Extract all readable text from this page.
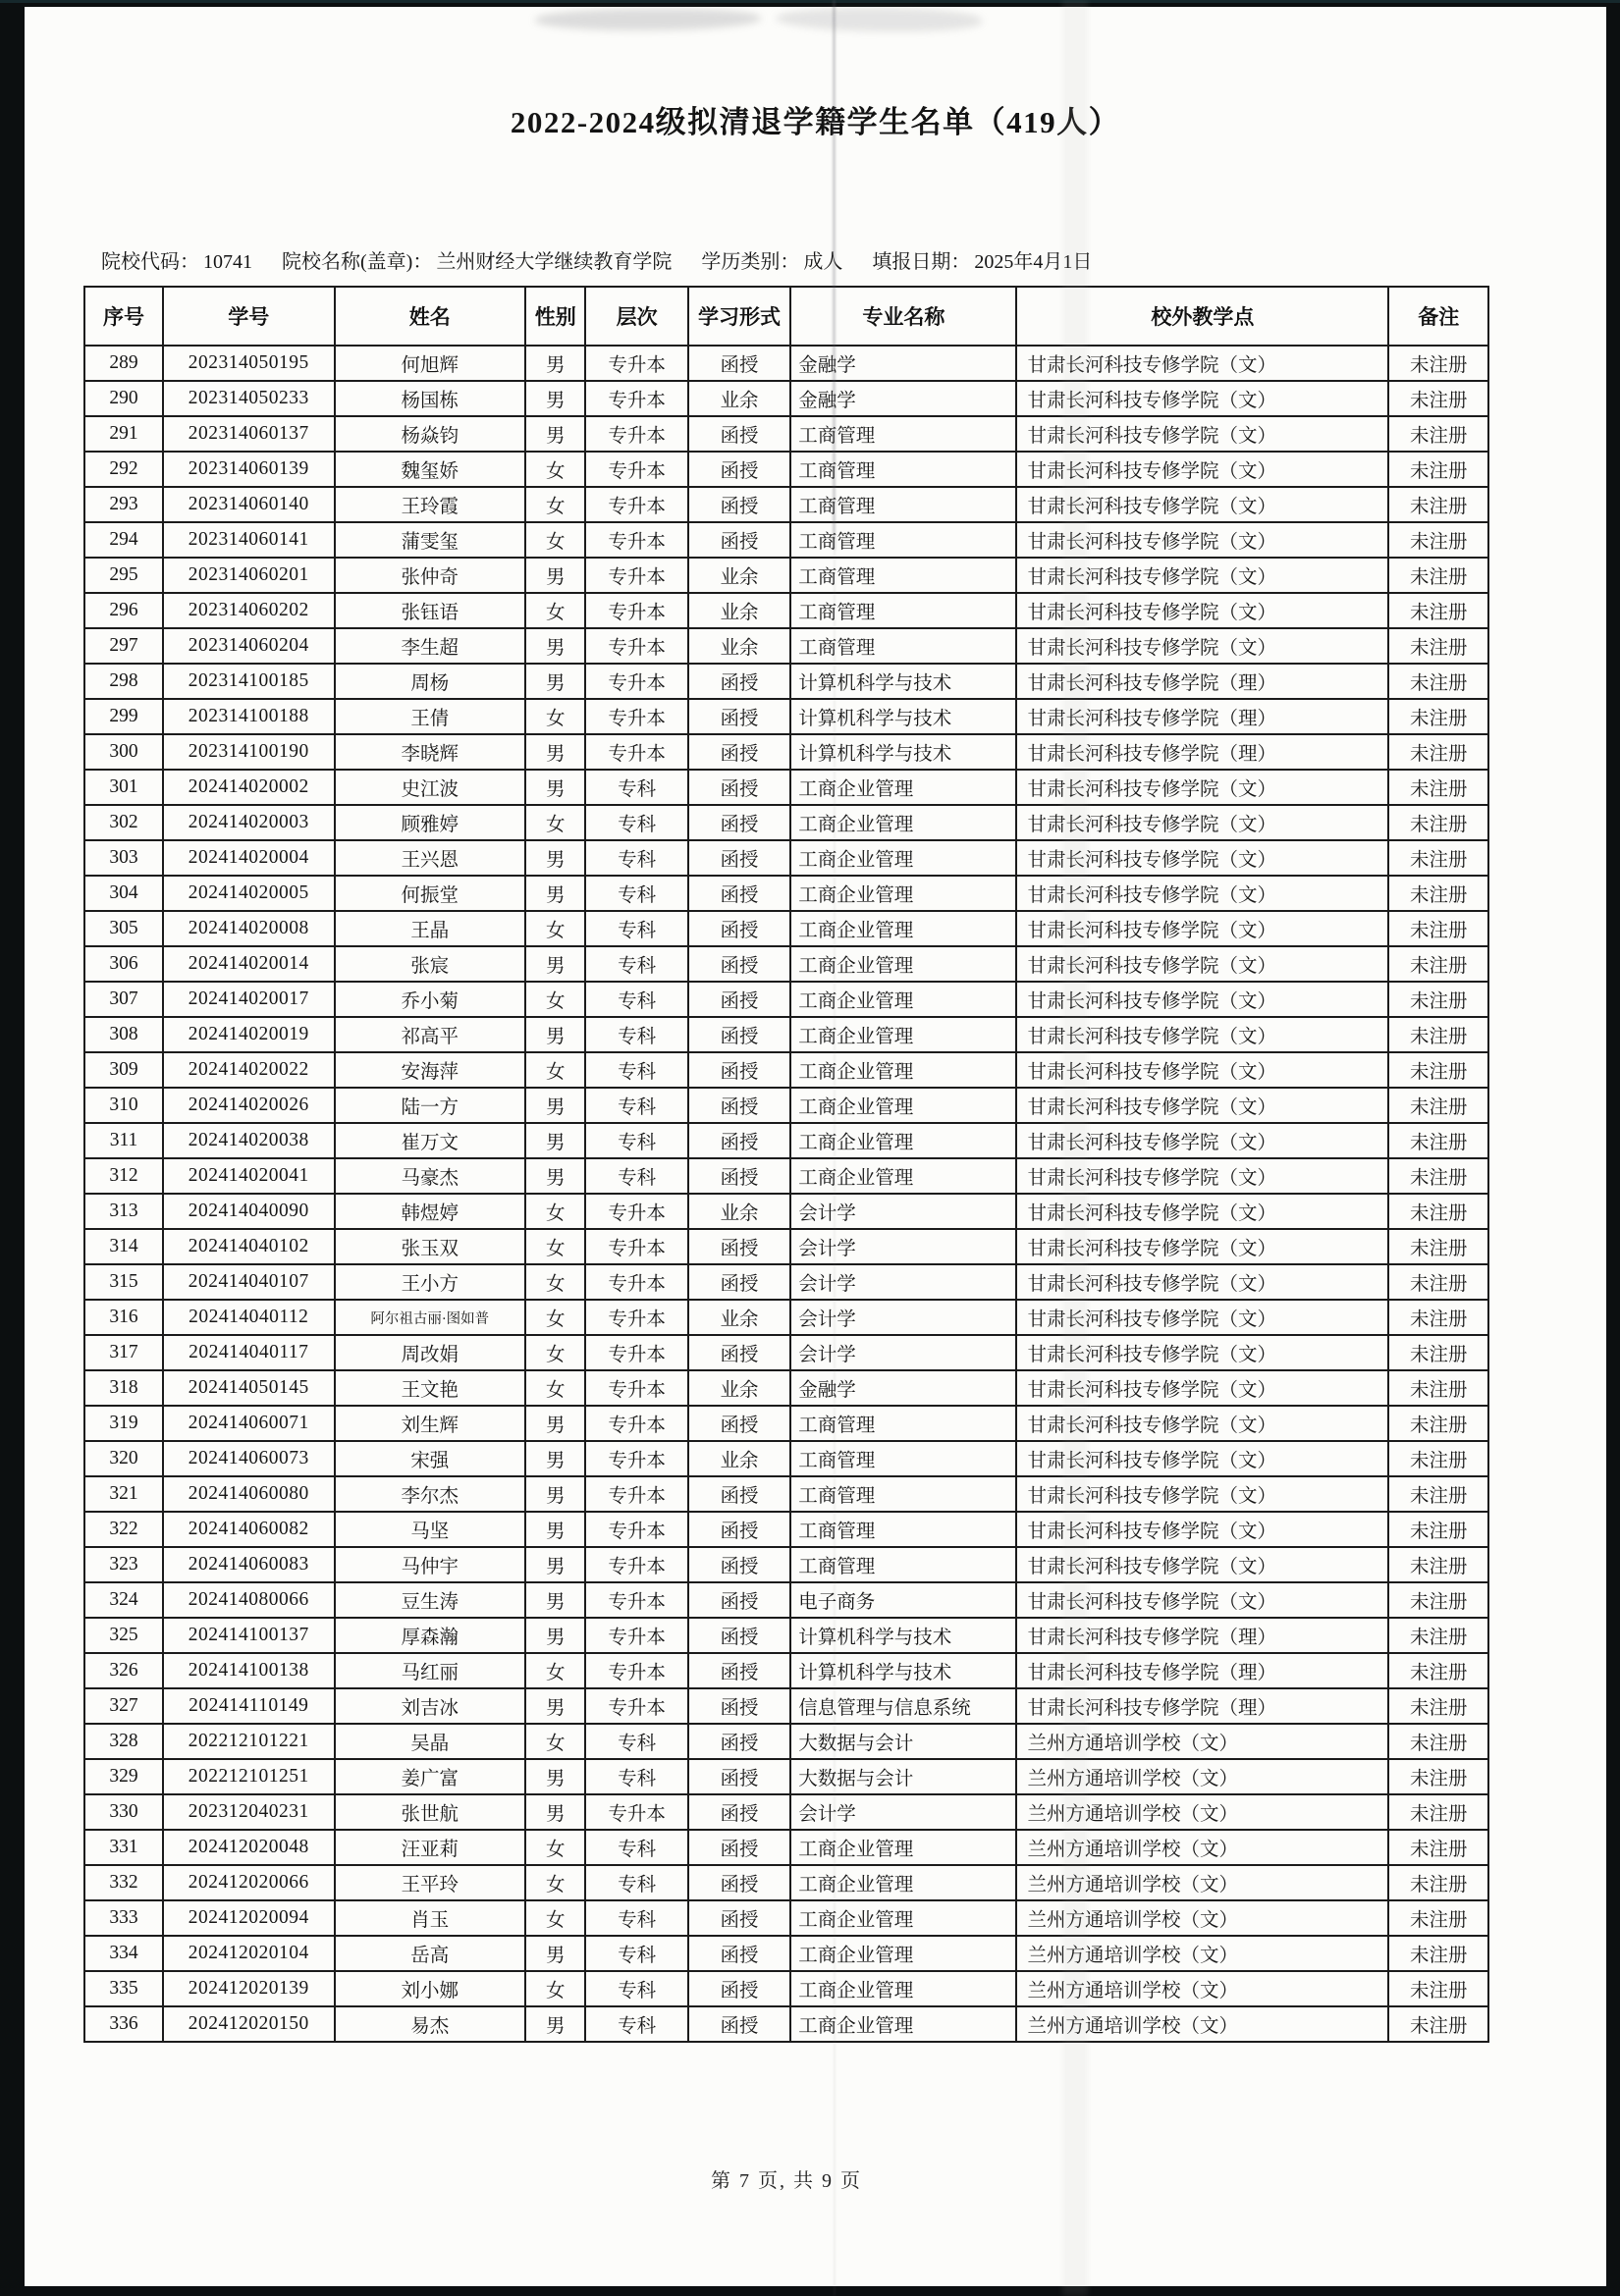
2022-2024级拟清退学籍学生名单（419人）
院校代码： 10741 院校名称(盖章)： 兰州财经大学继续教育学院 学历类别： 成人 填报日期： 2025年4月1日
序号	学号	姓名	性别	层次	学习形式	专业名称	校外教学点	备注
289	202314050195	何旭辉	男	专升本	函授	金融学	甘肃长河科技专修学院（文）	未注册
290	202314050233	杨国栋	男	专升本	业余	金融学	甘肃长河科技专修学院（文）	未注册
291	202314060137	杨焱钧	男	专升本	函授	工商管理	甘肃长河科技专修学院（文）	未注册
292	202314060139	魏玺娇	女	专升本	函授	工商管理	甘肃长河科技专修学院（文）	未注册
293	202314060140	王玲霞	女	专升本	函授	工商管理	甘肃长河科技专修学院（文）	未注册
294	202314060141	蒲雯玺	女	专升本	函授	工商管理	甘肃长河科技专修学院（文）	未注册
295	202314060201	张仲奇	男	专升本	业余	工商管理	甘肃长河科技专修学院（文）	未注册
296	202314060202	张钰语	女	专升本	业余	工商管理	甘肃长河科技专修学院（文）	未注册
297	202314060204	李生超	男	专升本	业余	工商管理	甘肃长河科技专修学院（文）	未注册
298	202314100185	周杨	男	专升本	函授	计算机科学与技术	甘肃长河科技专修学院（理）	未注册
299	202314100188	王倩	女	专升本	函授	计算机科学与技术	甘肃长河科技专修学院（理）	未注册
300	202314100190	李晓辉	男	专升本	函授	计算机科学与技术	甘肃长河科技专修学院（理）	未注册
301	202414020002	史江波	男	专科	函授	工商企业管理	甘肃长河科技专修学院（文）	未注册
302	202414020003	顾雅婷	女	专科	函授	工商企业管理	甘肃长河科技专修学院（文）	未注册
303	202414020004	王兴恩	男	专科	函授	工商企业管理	甘肃长河科技专修学院（文）	未注册
304	202414020005	何振堂	男	专科	函授	工商企业管理	甘肃长河科技专修学院（文）	未注册
305	202414020008	王晶	女	专科	函授	工商企业管理	甘肃长河科技专修学院（文）	未注册
306	202414020014	张宸	男	专科	函授	工商企业管理	甘肃长河科技专修学院（文）	未注册
307	202414020017	乔小菊	女	专科	函授	工商企业管理	甘肃长河科技专修学院（文）	未注册
308	202414020019	祁高平	男	专科	函授	工商企业管理	甘肃长河科技专修学院（文）	未注册
309	202414020022	安海萍	女	专科	函授	工商企业管理	甘肃长河科技专修学院（文）	未注册
310	202414020026	陆一方	男	专科	函授	工商企业管理	甘肃长河科技专修学院（文）	未注册
311	202414020038	崔万文	男	专科	函授	工商企业管理	甘肃长河科技专修学院（文）	未注册
312	202414020041	马豪杰	男	专科	函授	工商企业管理	甘肃长河科技专修学院（文）	未注册
313	202414040090	韩煜婷	女	专升本	业余	会计学	甘肃长河科技专修学院（文）	未注册
314	202414040102	张玉双	女	专升本	函授	会计学	甘肃长河科技专修学院（文）	未注册
315	202414040107	王小方	女	专升本	函授	会计学	甘肃长河科技专修学院（文）	未注册
316	202414040112	阿尔祖古丽·图如普	女	专升本	业余	会计学	甘肃长河科技专修学院（文）	未注册
317	202414040117	周改娟	女	专升本	函授	会计学	甘肃长河科技专修学院（文）	未注册
318	202414050145	王文艳	女	专升本	业余	金融学	甘肃长河科技专修学院（文）	未注册
319	202414060071	刘生辉	男	专升本	函授	工商管理	甘肃长河科技专修学院（文）	未注册
320	202414060073	宋强	男	专升本	业余	工商管理	甘肃长河科技专修学院（文）	未注册
321	202414060080	李尔杰	男	专升本	函授	工商管理	甘肃长河科技专修学院（文）	未注册
322	202414060082	马坚	男	专升本	函授	工商管理	甘肃长河科技专修学院（文）	未注册
323	202414060083	马仲宇	男	专升本	函授	工商管理	甘肃长河科技专修学院（文）	未注册
324	202414080066	豆生涛	男	专升本	函授	电子商务	甘肃长河科技专修学院（文）	未注册
325	202414100137	厚森瀚	男	专升本	函授	计算机科学与技术	甘肃长河科技专修学院（理）	未注册
326	202414100138	马红丽	女	专升本	函授	计算机科学与技术	甘肃长河科技专修学院（理）	未注册
327	202414110149	刘吉冰	男	专升本	函授	信息管理与信息系统	甘肃长河科技专修学院（理）	未注册
328	202212101221	吴晶	女	专科	函授	大数据与会计	兰州方通培训学校（文）	未注册
329	202212101251	姜广富	男	专科	函授	大数据与会计	兰州方通培训学校（文）	未注册
330	202312040231	张世航	男	专升本	函授	会计学	兰州方通培训学校（文）	未注册
331	202412020048	汪亚莉	女	专科	函授	工商企业管理	兰州方通培训学校（文）	未注册
332	202412020066	王平玲	女	专科	函授	工商企业管理	兰州方通培训学校（文）	未注册
333	202412020094	肖玉	女	专科	函授	工商企业管理	兰州方通培训学校（文）	未注册
334	202412020104	岳高	男	专科	函授	工商企业管理	兰州方通培训学校（文）	未注册
335	202412020139	刘小娜	女	专科	函授	工商企业管理	兰州方通培训学校（文）	未注册
336	202412020150	易杰	男	专科	函授	工商企业管理	兰州方通培训学校（文）	未注册
第 7 页, 共 9 页
